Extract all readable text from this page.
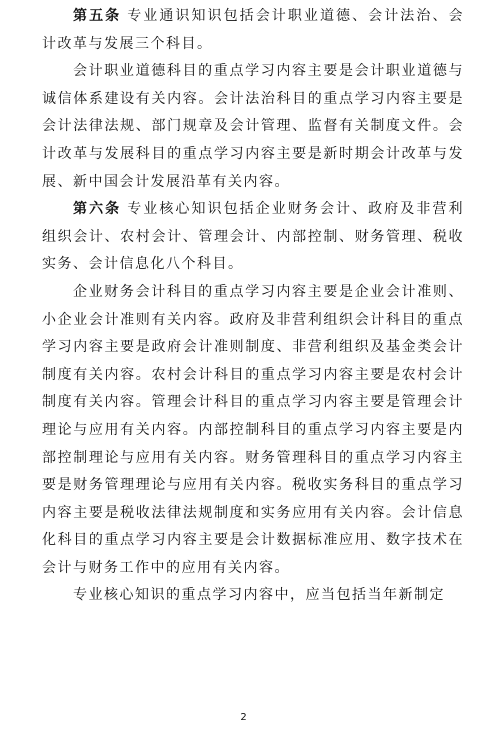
第五条 专业通识知识包括会计职业道德、会计法治、会计改革与发展三个科目。

会计职业道德科目的重点学习内容主要是会计职业道德与诚信体系建设有关内容。会计法治科目的重点学习内容主要是会计法律法规、部门规章及会计管理、监督有关制度文件。会计改革与发展科目的重点学习内容主要是新时期会计改革与发展、新中国会计发展沿革有关内容。

第六条 专业核心知识包括企业财务会计、政府及非营利组织会计、农村会计、管理会计、内部控制、财务管理、税收实务、会计信息化八个科目。

企业财务会计科目的重点学习内容主要是企业会计准则、小企业会计准则有关内容。政府及非营利组织会计科目的重点学习内容主要是政府会计准则制度、非营利组织及基金类会计制度有关内容。农村会计科目的重点学习内容主要是农村会计制度有关内容。管理会计科目的重点学习内容主要是管理会计理论与应用有关内容。内部控制科目的重点学习内容主要是内部控制理论与应用有关内容。财务管理科目的重点学习内容主要是财务管理理论与应用有关内容。税收实务科目的重点学习内容主要是税收法律法规制度和实务应用有关内容。会计信息化科目的重点学习内容主要是会计数据标准应用、数字技术在会计与财务工作中的应用有关内容。

专业核心知识的重点学习内容中，应当包括当年新制定

2
